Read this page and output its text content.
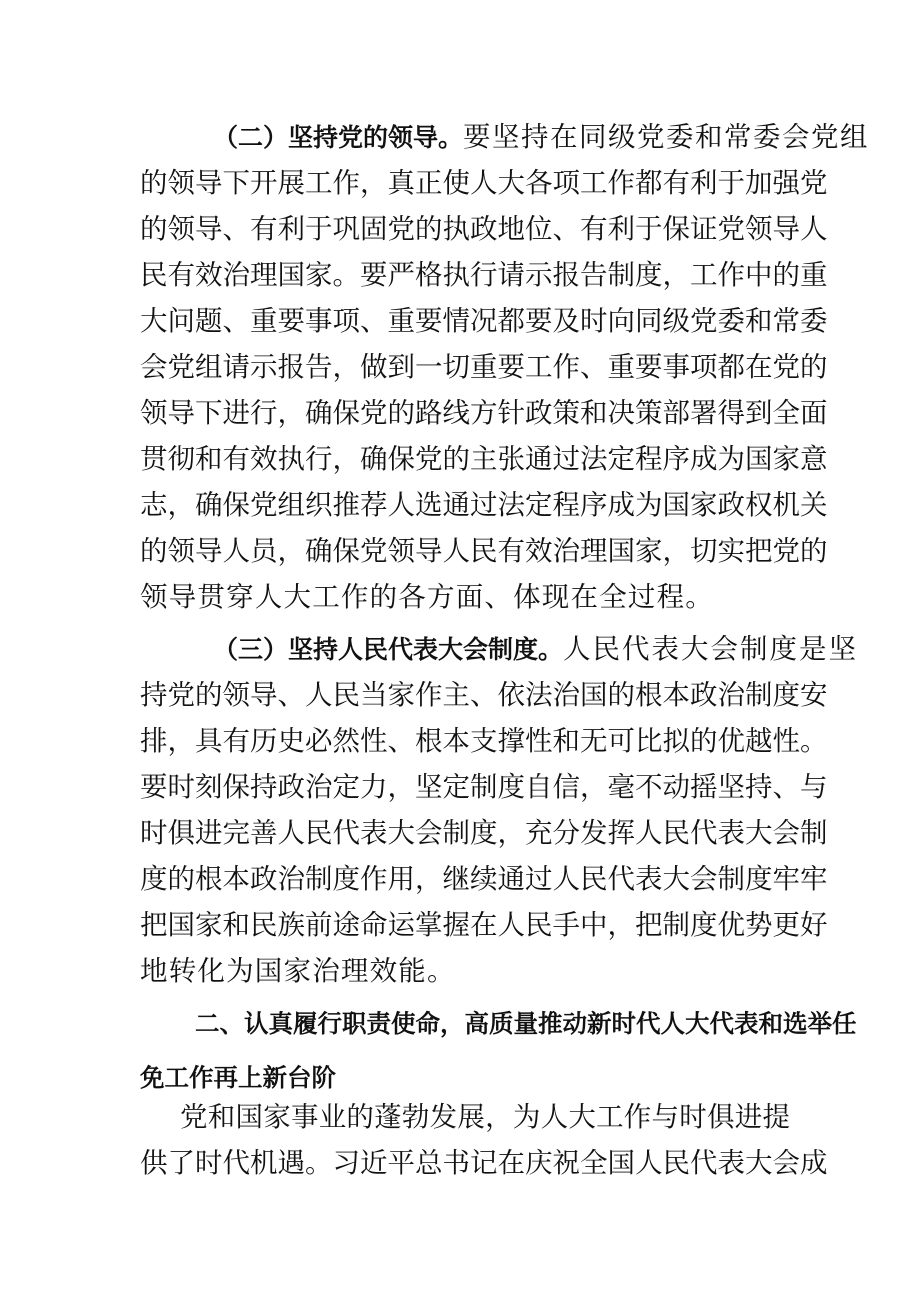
（二）坚持党的领导。要坚持在同级党委和常委会党组
的领导下开展工作，真正使人大各项工作都有利于加强党
的领导、有利于巩固党的执政地位、有利于保证党领导人
民有效治理国家。要严格执行请示报告制度，工作中的重
大问题、重要事项、重要情况都要及时向同级党委和常委
会党组请示报告，做到一切重要工作、重要事项都在党的
领导下进行，确保党的路线方针政策和决策部署得到全面
贯彻和有效执行，确保党的主张通过法定程序成为国家意
志，确保党组织推荐人选通过法定程序成为国家政权机关
的领导人员，确保党领导人民有效治理国家，切实把党的
领导贯穿人大工作的各方面、体现在全过程。
（三）坚持人民代表大会制度。人民代表大会制度是坚
持党的领导、人民当家作主、依法治国的根本政治制度安
排，具有历史必然性、根本支撑性和无可比拟的优越性。
要时刻保持政治定力，坚定制度自信，毫不动摇坚持、与
时俱进完善人民代表大会制度，充分发挥人民代表大会制
度的根本政治制度作用，继续通过人民代表大会制度牢牢
把国家和民族前途命运掌握在人民手中，把制度优势更好
地转化为国家治理效能。
二、认真履行职责使命，高质量推动新时代人大代表和选举任
免工作再上新台阶
党和国家事业的蓬勃发展，为人大工作与时俱进提
供了时代机遇。习近平总书记在庆祝全国人民代表大会成
